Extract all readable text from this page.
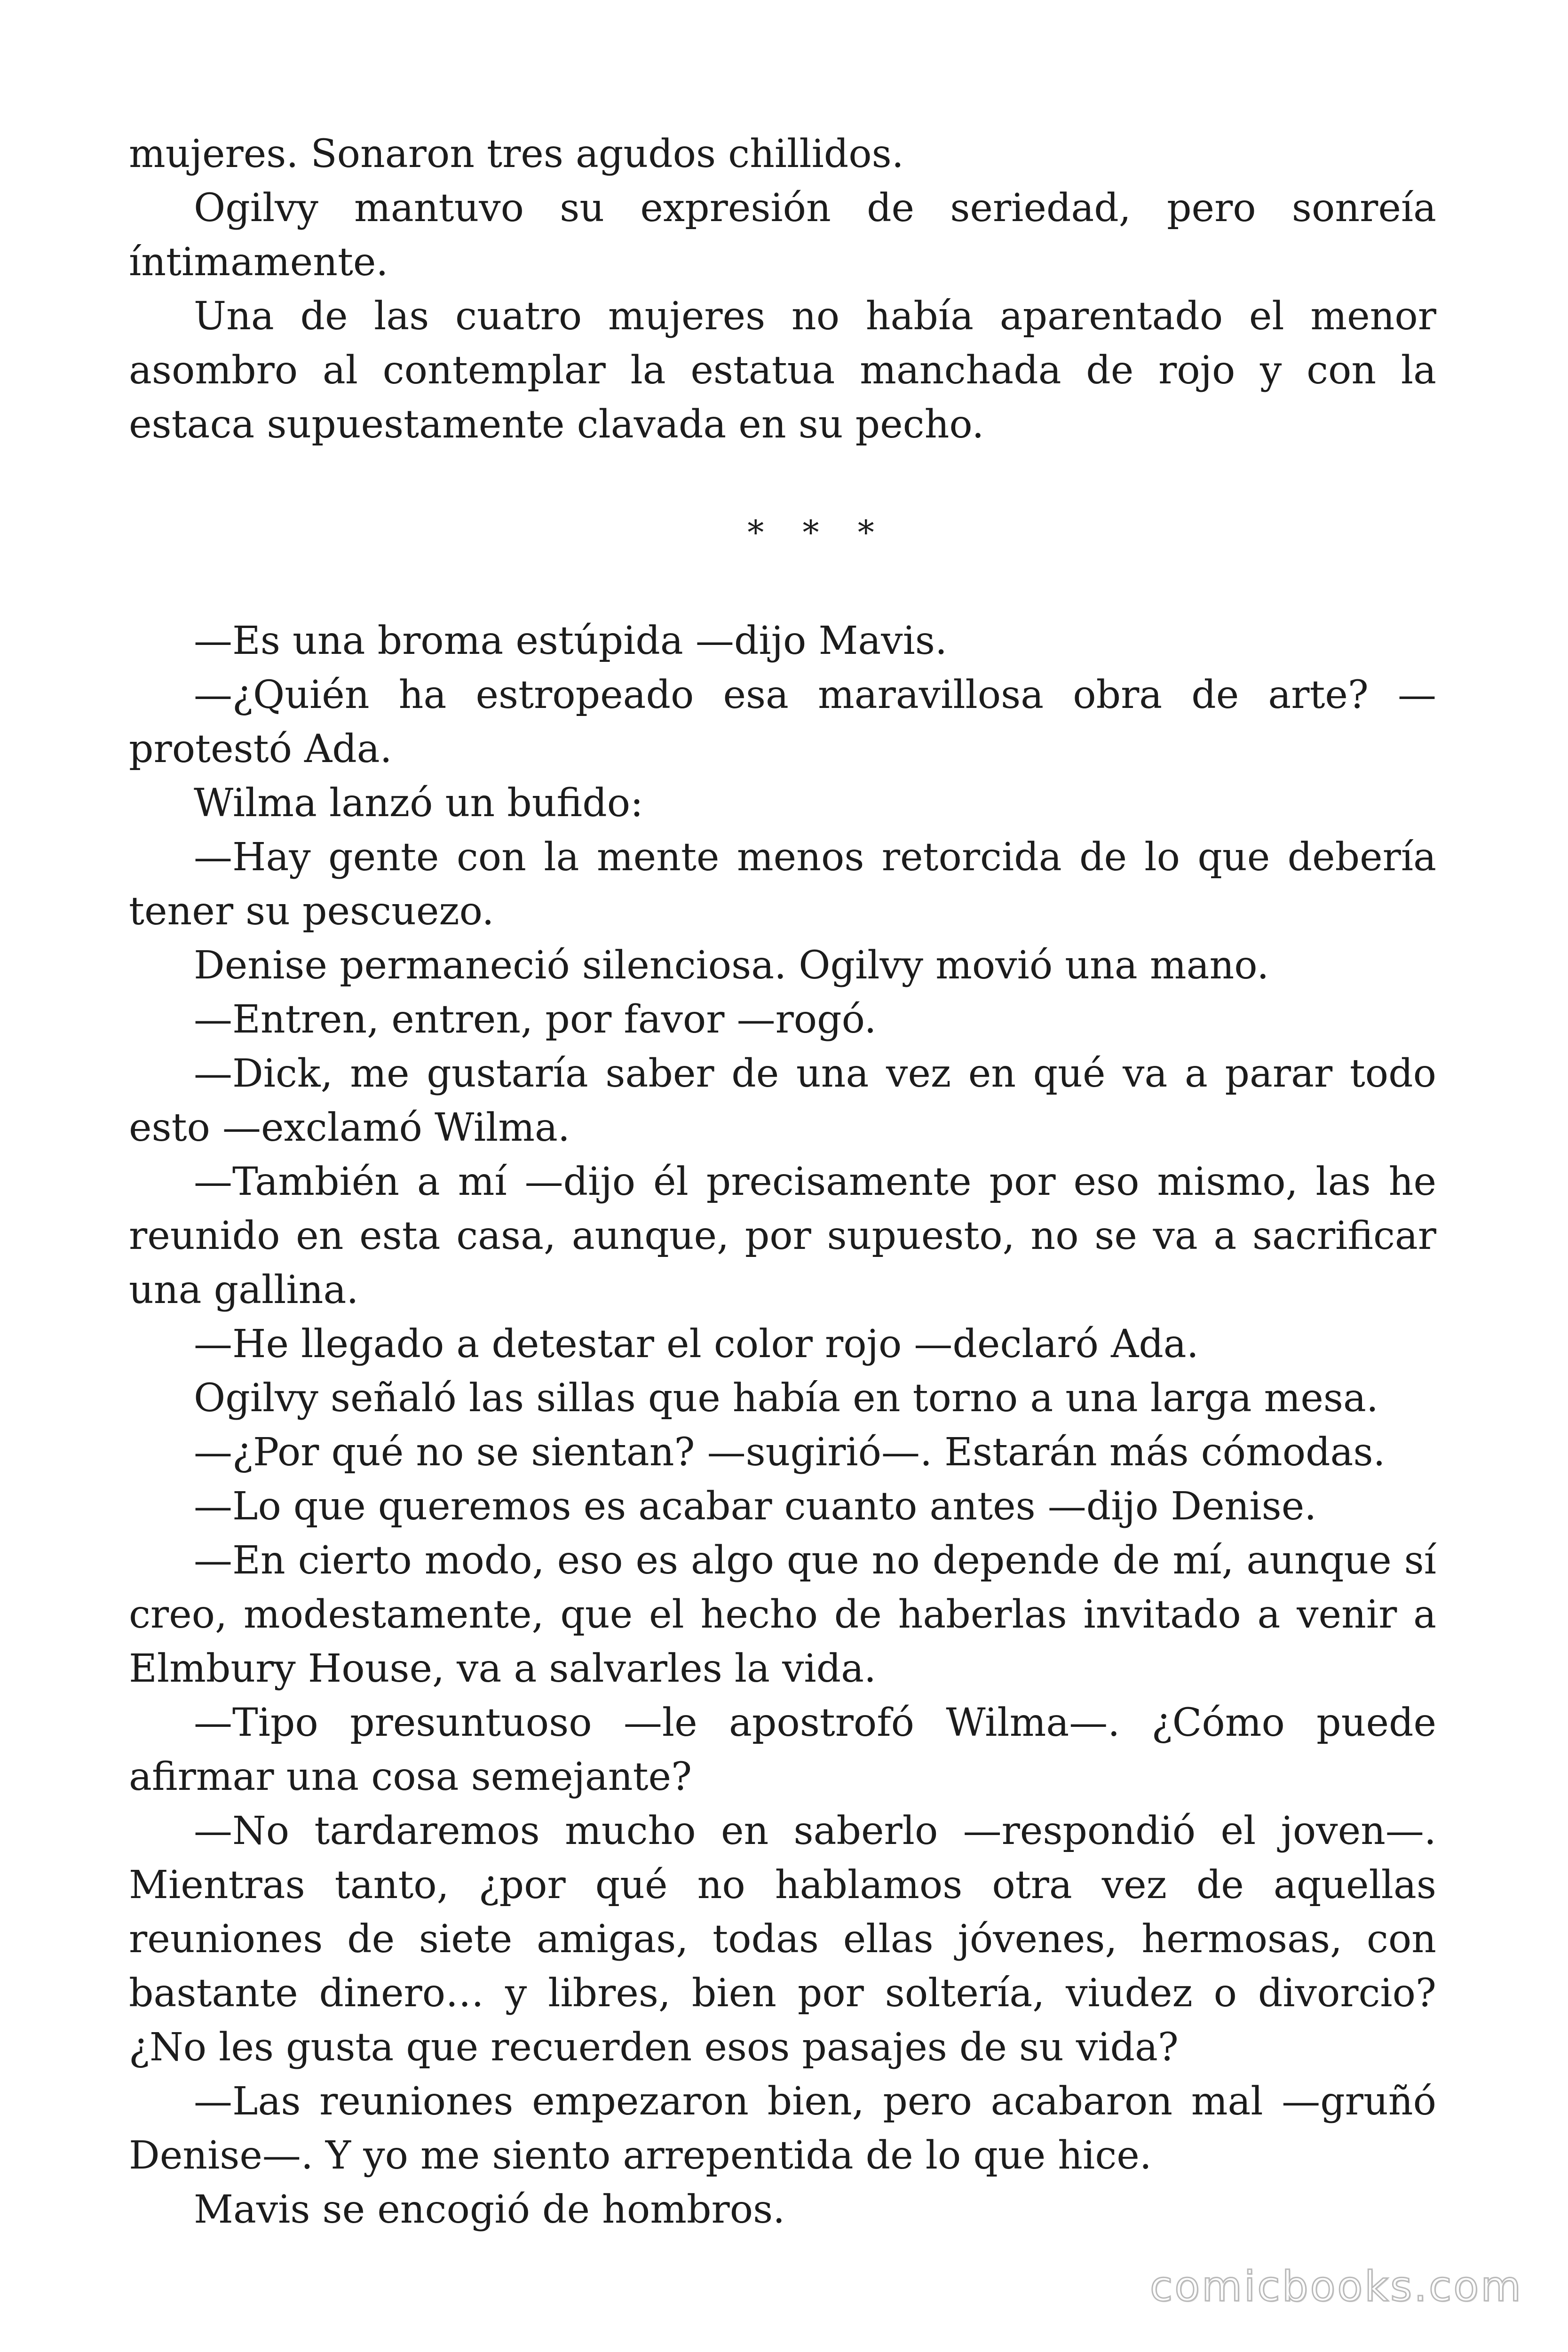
mujeres. Sonaron tres agudos chillidos.

Ogilvy mantuvo su expresión de seriedad, pero sonreía íntimamente.

Una de las cuatro mujeres no había aparentado el menor asombro al contemplar la estatua manchada de rojo y con la estaca supuestamente clavada en su pecho.

* * *

—Es una broma estúpida —dijo Mavis.

—¿Quién ha estropeado esa maravillosa obra de arte? —protestó Ada.

Wilma lanzó un bufido:

—Hay gente con la mente menos retorcida de lo que debería tener su pescuezo.

Denise permaneció silenciosa. Ogilvy movió una mano.

—Entren, entren, por favor —rogó.

—Dick, me gustaría saber de una vez en qué va a parar todo esto —exclamó Wilma.

—También a mí —dijo él precisamente por eso mismo, las he reunido en esta casa, aunque, por supuesto, no se va a sacrificar una gallina.

—He llegado a detestar el color rojo —declaró Ada.

Ogilvy señaló las sillas que había en torno a una larga mesa.

—¿Por qué no se sientan? —sugirió—. Estarán más cómodas.

—Lo que queremos es acabar cuanto antes —dijo Denise.

—En cierto modo, eso es algo que no depende de mí, aunque sí creo, modestamente, que el hecho de haberlas invitado a venir a Elmbury House, va a salvarles la vida.

—Tipo presuntuoso —le apostrofó Wilma—. ¿Cómo puede afirmar una cosa semejante?

—No tardaremos mucho en saberlo —respondió el joven—. Mientras tanto, ¿por qué no hablamos otra vez de aquellas reuniones de siete amigas, todas ellas jóvenes, hermosas, con bastante dinero… y libres, bien por soltería, viudez o divorcio? ¿No les gusta que recuerden esos pasajes de su vida?

—Las reuniones empezaron bien, pero acabaron mal —gruñó Denise—. Y yo me siento arrepentida de lo que hice.

Mavis se encogió de hombros.

comicbooks.com
